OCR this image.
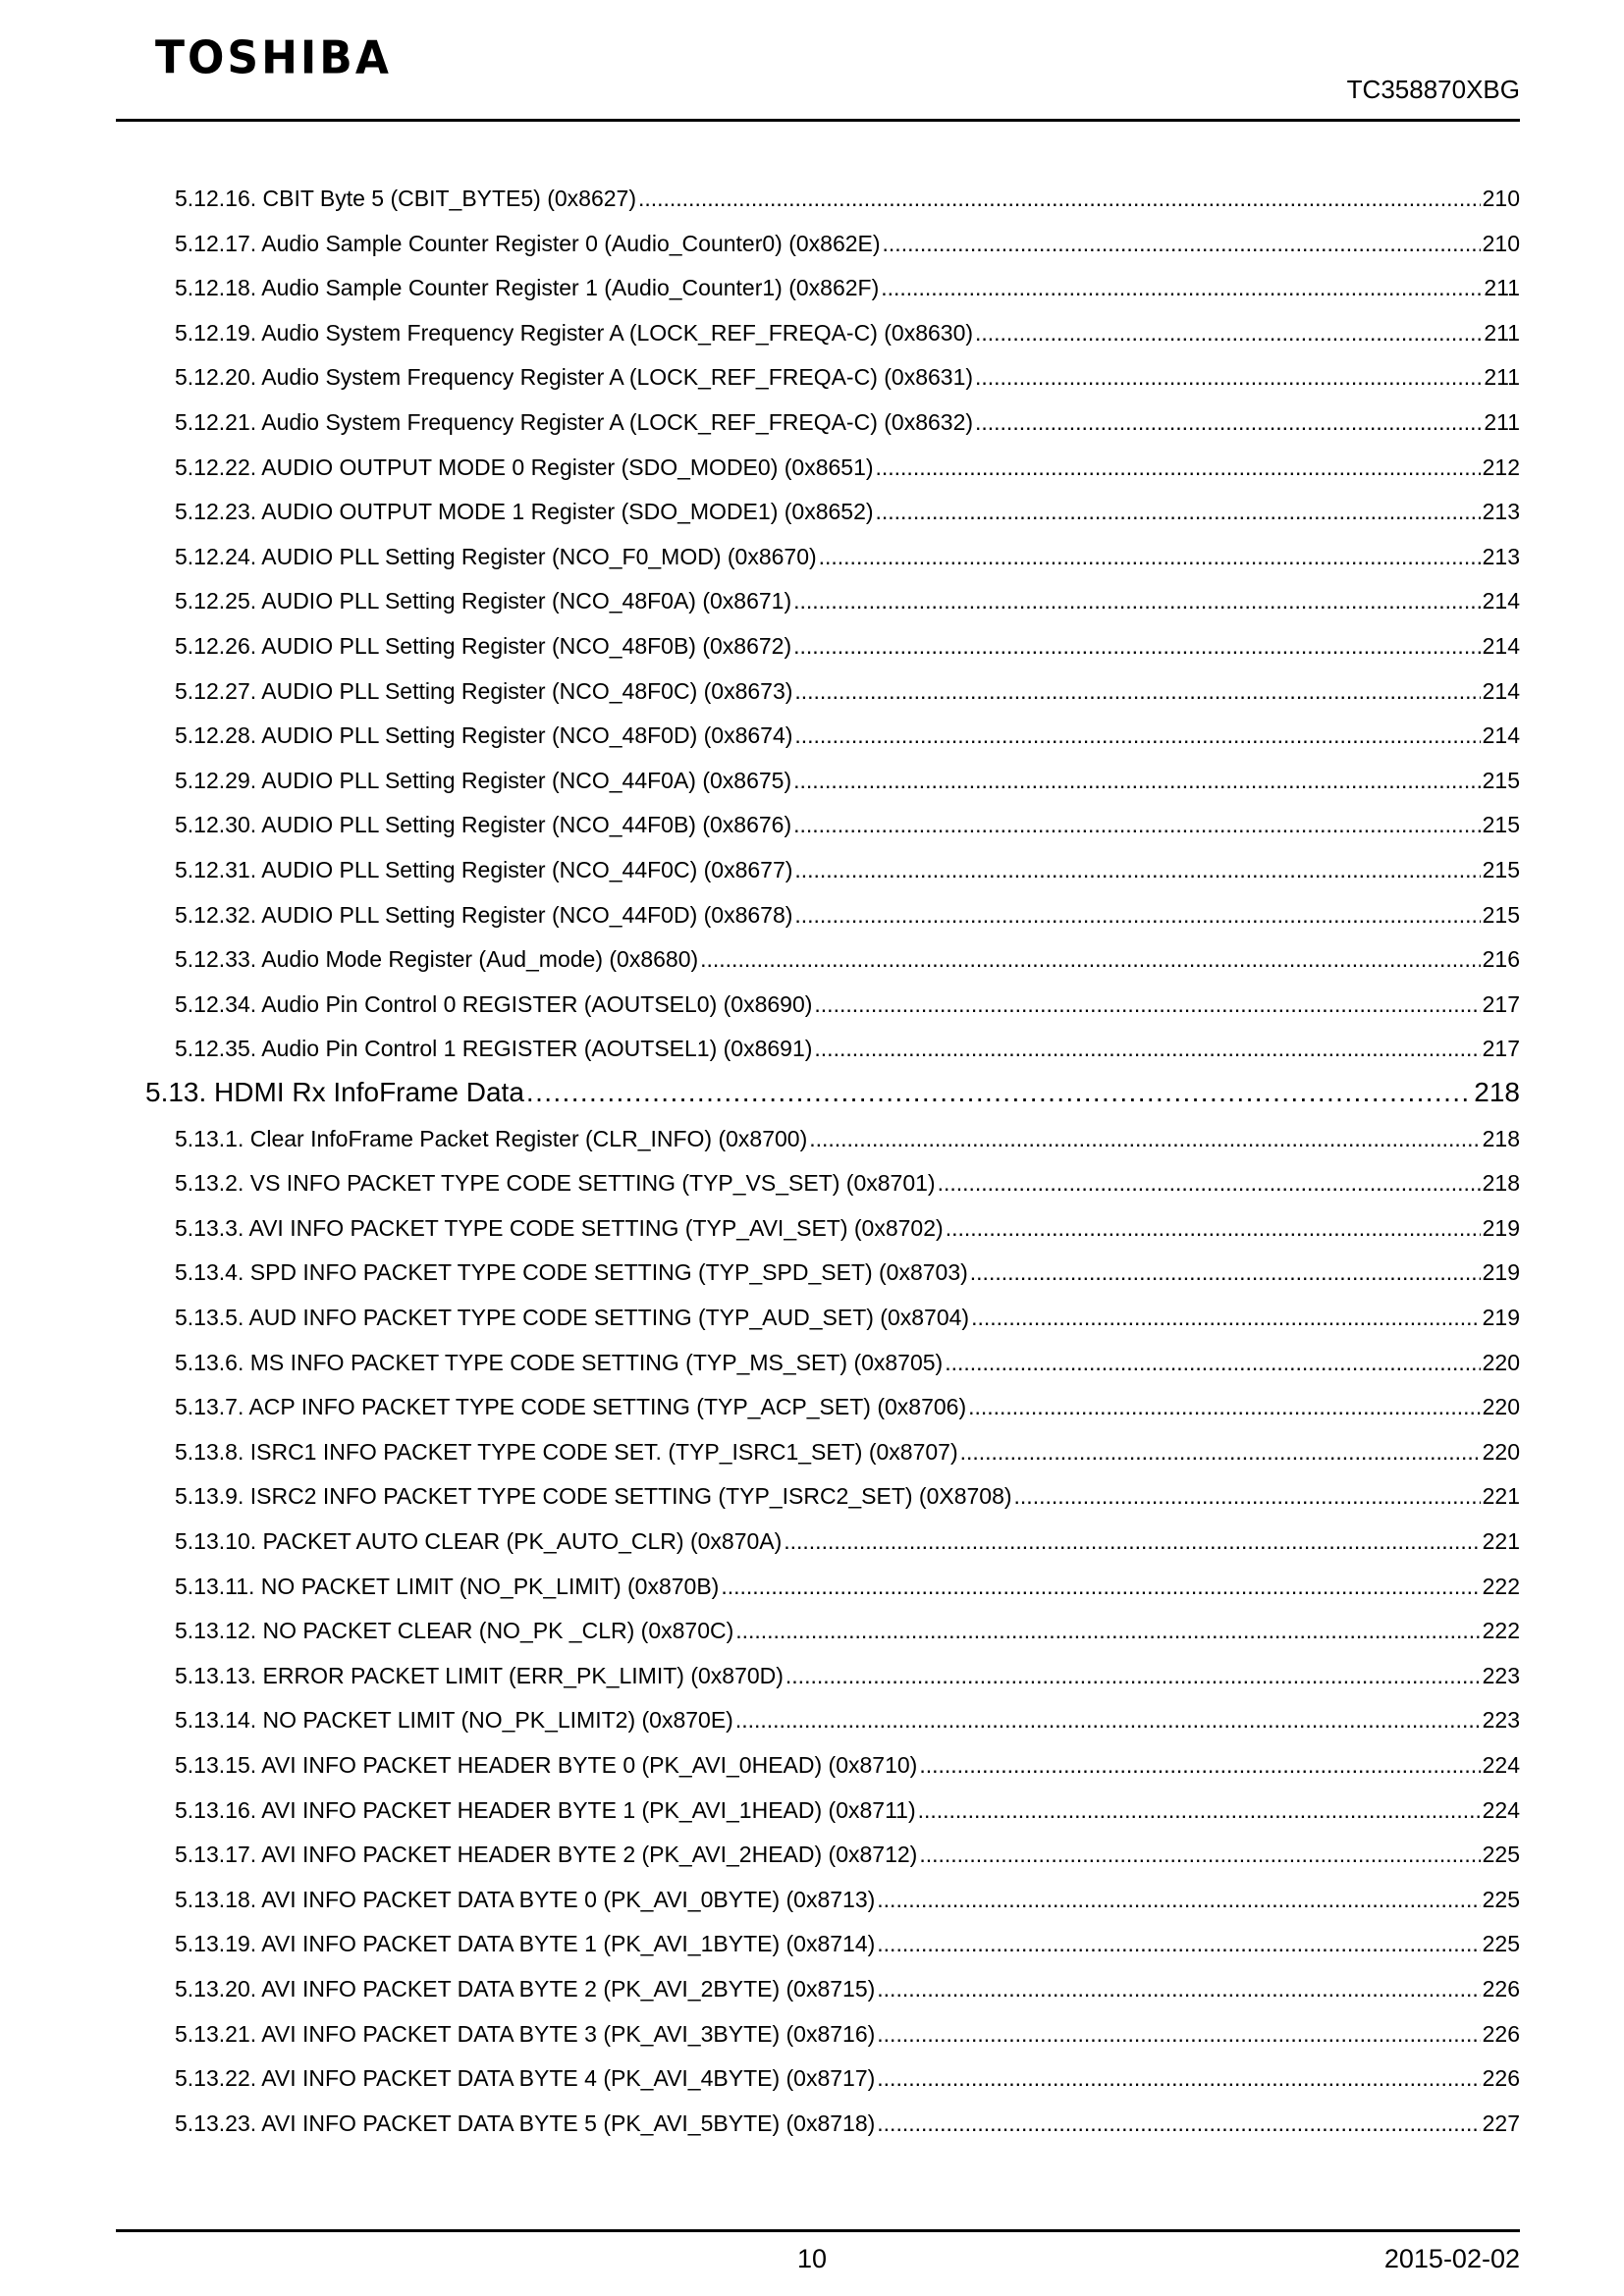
TOSHIBA
TC358870XBG
5.12.16. CBIT Byte 5 (CBIT_BYTE5) (0x8627) . . .	210
5.12.17. Audio Sample Counter Register 0 (Audio_Counter0) (0x862E) . . .	210
5.12.18. Audio Sample Counter Register 1 (Audio_Counter1) (0x862F) . . .	211
5.12.19. Audio System Frequency Register A (LOCK_REF_FREQA-C) (0x8630) . . .	211
5.12.20. Audio System Frequency Register A (LOCK_REF_FREQA-C) (0x8631) . . .	211
5.12.21. Audio System Frequency Register A (LOCK_REF_FREQA-C) (0x8632) . . .	211
5.12.22. AUDIO OUTPUT MODE 0 Register (SDO_MODE0) (0x8651) . . .	212
5.12.23. AUDIO OUTPUT MODE 1 Register (SDO_MODE1) (0x8652) . . .	213
5.12.24. AUDIO PLL Setting Register (NCO_F0_MOD) (0x8670) . . .	213
5.12.25. AUDIO PLL Setting Register (NCO_48F0A) (0x8671) . . .	214
5.12.26. AUDIO PLL Setting Register (NCO_48F0B) (0x8672) . . .	214
5.12.27. AUDIO PLL Setting Register (NCO_48F0C) (0x8673) . . .	214
5.12.28. AUDIO PLL Setting Register (NCO_48F0D) (0x8674) . . .	214
5.12.29. AUDIO PLL Setting Register (NCO_44F0A) (0x8675) . . .	215
5.12.30. AUDIO PLL Setting Register (NCO_44F0B) (0x8676) . . .	215
5.12.31. AUDIO PLL Setting Register (NCO_44F0C) (0x8677) . . .	215
5.12.32. AUDIO PLL Setting Register (NCO_44F0D) (0x8678) . . .	215
5.12.33. Audio Mode Register (Aud_mode) (0x8680) . . .	216
5.12.34. Audio Pin Control 0 REGISTER (AOUTSEL0) (0x8690) . . .	217
5.12.35. Audio Pin Control 1 REGISTER (AOUTSEL1) (0x8691) . . .	217
5.13. HDMI Rx InfoFrame Data . . .	218
5.13.1. Clear InfoFrame Packet Register (CLR_INFO) (0x8700) . . .	218
5.13.2. VS INFO PACKET TYPE CODE SETTING (TYP_VS_SET) (0x8701) . . .	218
5.13.3. AVI INFO PACKET TYPE CODE SETTING (TYP_AVI_SET) (0x8702) . . .	219
5.13.4. SPD INFO PACKET TYPE CODE SETTING (TYP_SPD_SET) (0x8703) . . .	219
5.13.5. AUD INFO PACKET TYPE CODE SETTING (TYP_AUD_SET) (0x8704) . . .	219
5.13.6. MS INFO PACKET TYPE CODE SETTING (TYP_MS_SET) (0x8705) . . .	220
5.13.7. ACP INFO PACKET TYPE CODE SETTING (TYP_ACP_SET) (0x8706) . . .	220
5.13.8. ISRC1 INFO PACKET TYPE CODE SET. (TYP_ISRC1_SET) (0x8707) . . .	220
5.13.9. ISRC2 INFO PACKET TYPE CODE SETTING (TYP_ISRC2_SET) (0X8708) . . .	221
5.13.10. PACKET AUTO CLEAR (PK_AUTO_CLR) (0x870A) . . .	221
5.13.11. NO PACKET LIMIT (NO_PK_LIMIT) (0x870B) . . .	222
5.13.12. NO PACKET CLEAR (NO_PK _CLR) (0x870C) . . .	222
5.13.13. ERROR PACKET LIMIT (ERR_PK_LIMIT) (0x870D) . . .	223
5.13.14. NO PACKET LIMIT (NO_PK_LIMIT2) (0x870E) . . .	223
5.13.15. AVI INFO PACKET HEADER BYTE 0 (PK_AVI_0HEAD) (0x8710) . . .	224
5.13.16. AVI INFO PACKET HEADER BYTE 1 (PK_AVI_1HEAD) (0x8711) . . .	224
5.13.17. AVI INFO PACKET HEADER BYTE 2 (PK_AVI_2HEAD) (0x8712) . . .	225
5.13.18. AVI INFO PACKET DATA BYTE 0 (PK_AVI_0BYTE) (0x8713) . . .	225
5.13.19. AVI INFO PACKET DATA BYTE 1 (PK_AVI_1BYTE) (0x8714) . . .	225
5.13.20. AVI INFO PACKET DATA BYTE 2 (PK_AVI_2BYTE) (0x8715) . . .	226
5.13.21. AVI INFO PACKET DATA BYTE 3 (PK_AVI_3BYTE) (0x8716) . . .	226
5.13.22. AVI INFO PACKET DATA BYTE 4 (PK_AVI_4BYTE) (0x8717) . . .	226
5.13.23. AVI INFO PACKET DATA BYTE 5 (PK_AVI_5BYTE) (0x8718) . . .	227
10	2015-02-02
